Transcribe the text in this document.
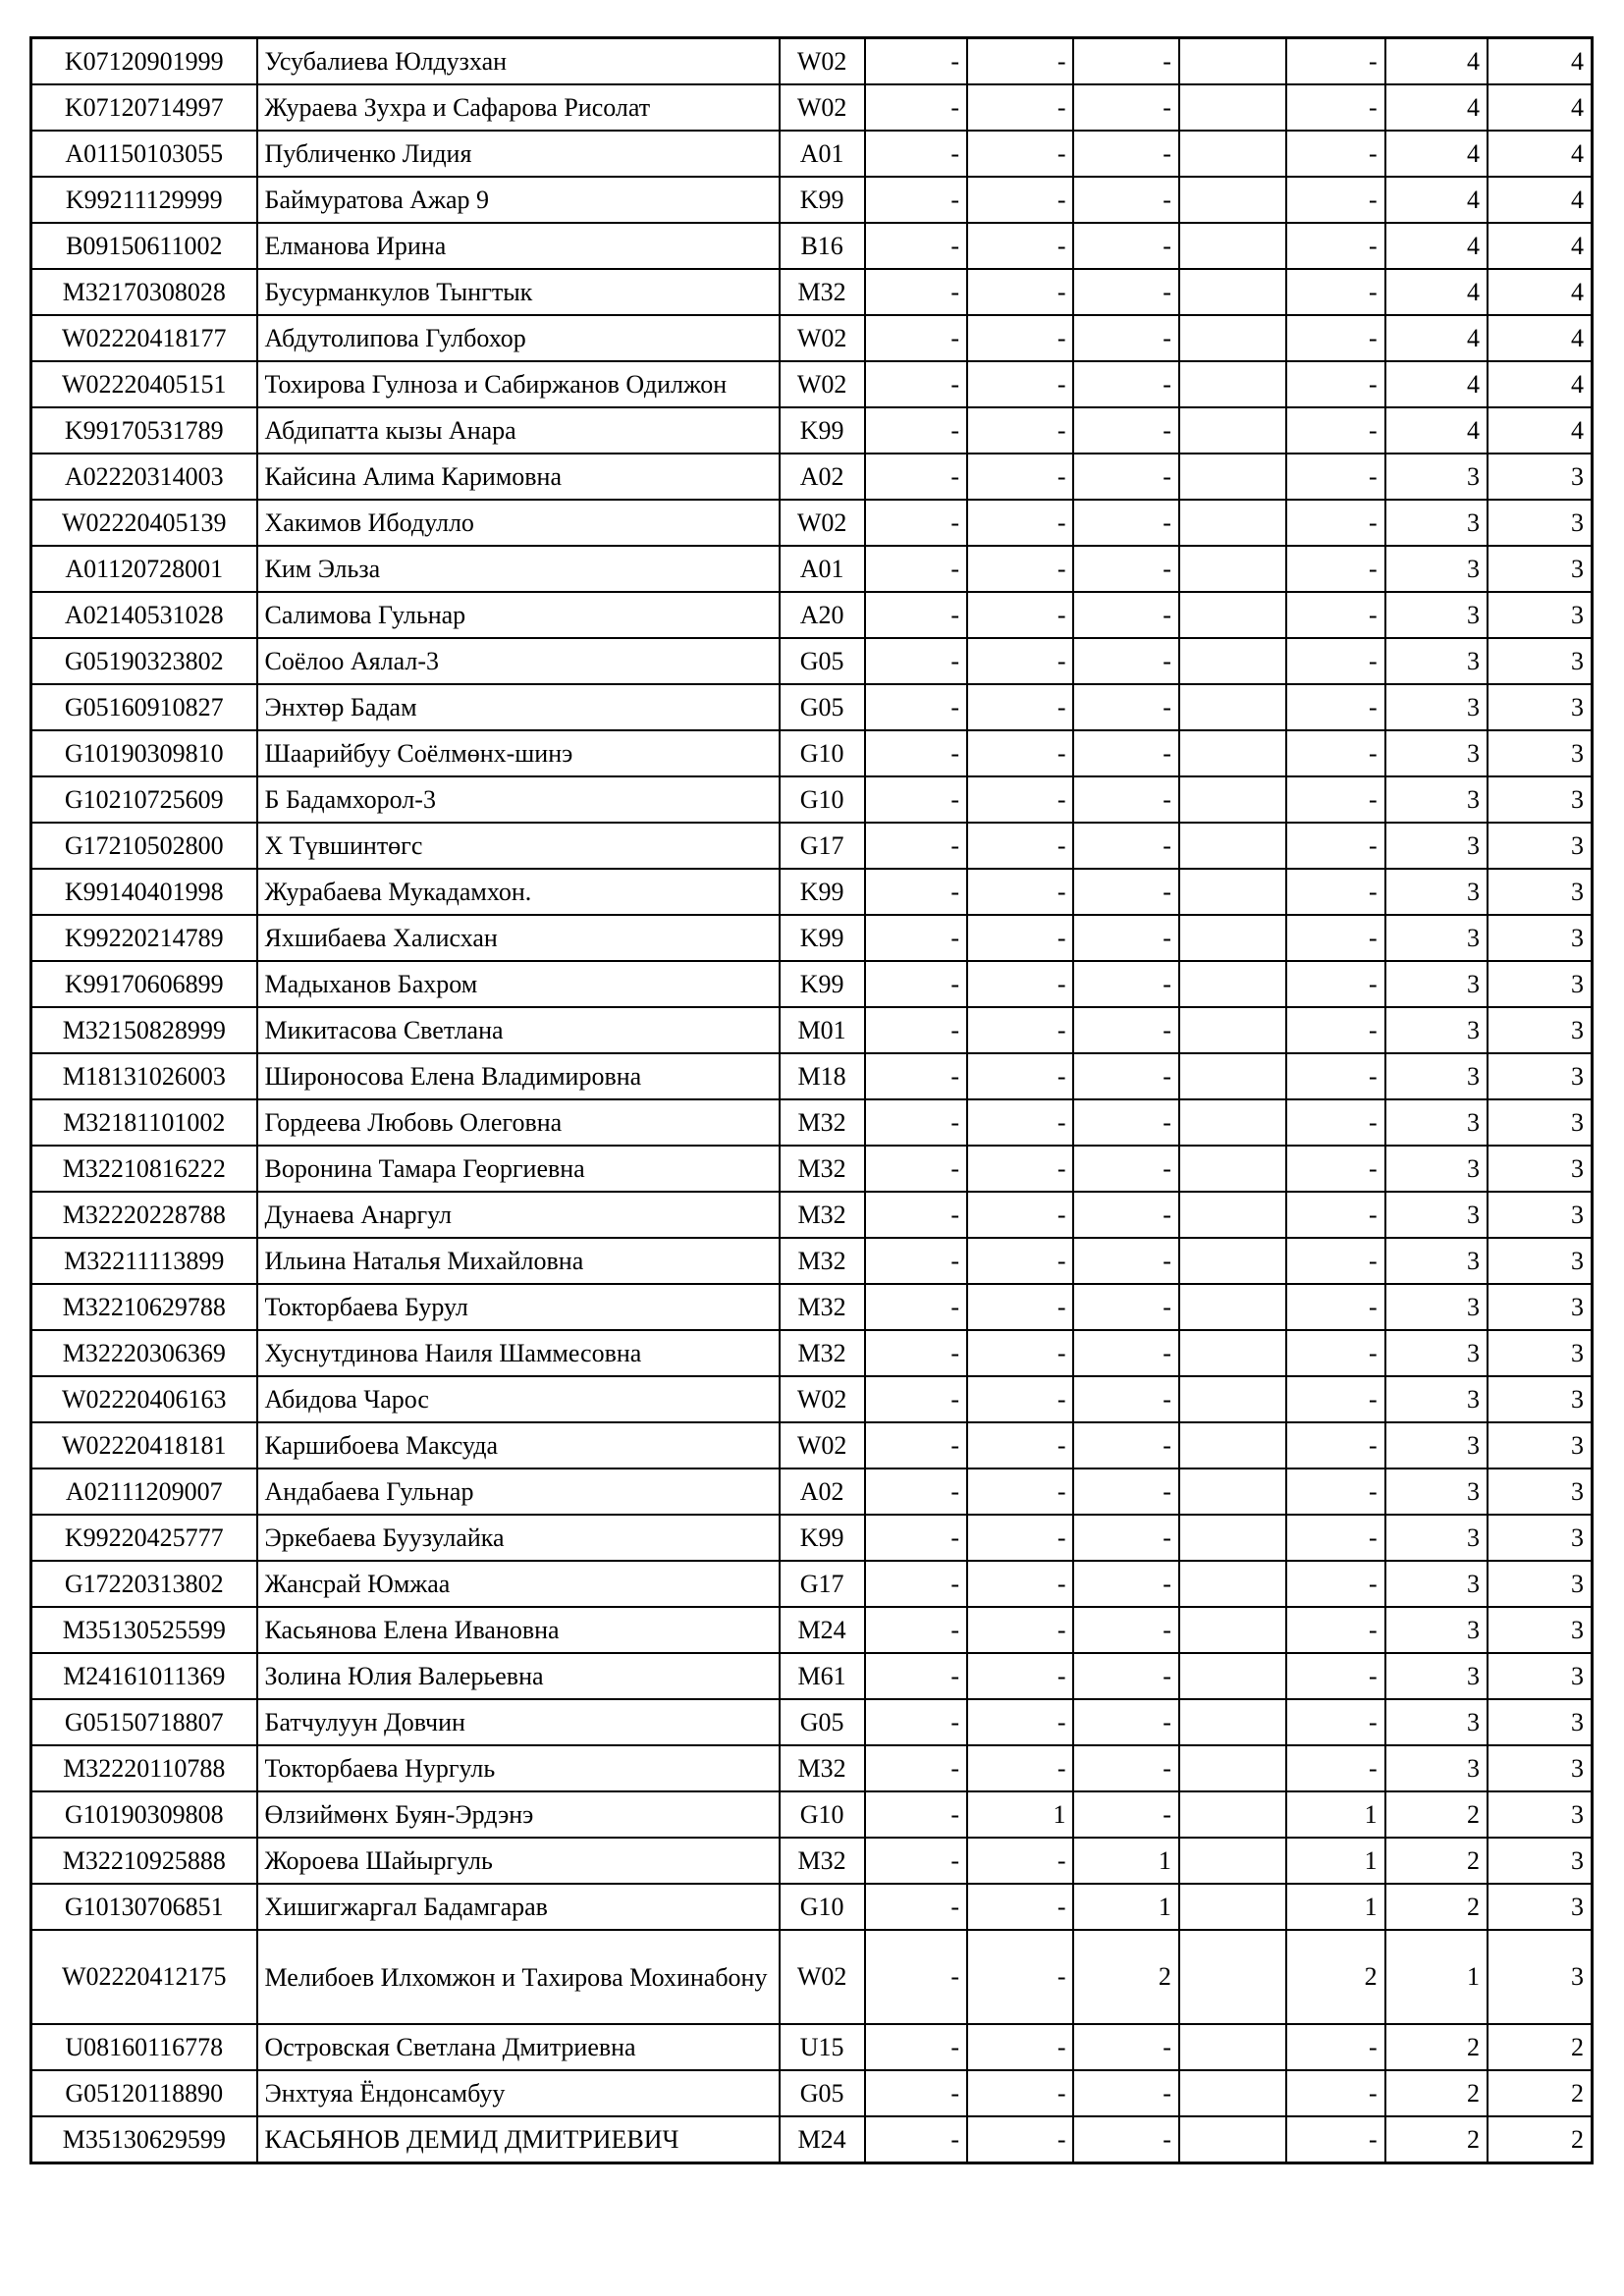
K07120901999	Усубалиева Юлдузхан	W02	-	-	-		-	4	4
K07120714997	Жураева Зухра и Сафарова Рисолат	W02	-	-	-		-	4	4
A01150103055	Публиченко Лидия	A01	-	-	-		-	4	4
K99211129999	Баймуратова Ажар 9	K99	-	-	-		-	4	4
B09150611002	Елманова Ирина	B16	-	-	-		-	4	4
M32170308028	Бусурманкулов Тынгтык	M32	-	-	-		-	4	4
W02220418177	Абдутолипова Гулбохор	W02	-	-	-		-	4	4
W02220405151	Тохирова Гулноза и Сабиржанов Одилжон	W02	-	-	-		-	4	4
K99170531789	Абдипатта кызы Анара	K99	-	-	-		-	4	4
A02220314003	Кайсина Алима Каримовна	A02	-	-	-		-	3	3
W02220405139	Хакимов Ибодулло	W02	-	-	-		-	3	3
A01120728001	Ким Эльза	A01	-	-	-		-	3	3
A02140531028	Салимова Гульнар	A20	-	-	-		-	3	3
G05190323802	Соёлоо Аялал-3	G05	-	-	-		-	3	3
G05160910827	Энхтөр Бадам	G05	-	-	-		-	3	3
G10190309810	Шаарийбуу Соёлмөнх-шинэ	G10	-	-	-		-	3	3
G10210725609	Б Бадамхорол-3	G10	-	-	-		-	3	3
G17210502800	Х Түвшинтөгс	G17	-	-	-		-	3	3
K99140401998	Журабаева Мукадамхон.	K99	-	-	-		-	3	3
K99220214789	Яхшибаева Халисхан	K99	-	-	-		-	3	3
K99170606899	Мадыханов Бахром	K99	-	-	-		-	3	3
M32150828999	Микитасова Светлана	M01	-	-	-		-	3	3
M18131026003	Широносова Елена Владимировна	M18	-	-	-		-	3	3
M32181101002	Гордеева Любовь Олеговна	M32	-	-	-		-	3	3
M32210816222	Воронина Тамара Георгиевна	M32	-	-	-		-	3	3
M32220228788	Дунаева Анаргул	M32	-	-	-		-	3	3
M32211113899	Ильина Наталья Михайловна	M32	-	-	-		-	3	3
M32210629788	Токторбаева Бурул	M32	-	-	-		-	3	3
M32220306369	Хуснутдинова Наиля Шаммесовна	M32	-	-	-		-	3	3
W02220406163	Абидова Чарос	W02	-	-	-		-	3	3
W02220418181	Каршибоева Максуда	W02	-	-	-		-	3	3
A02111209007	Андабаева Гульнар	A02	-	-	-		-	3	3
K99220425777	Эркебаева Буузулайка	K99	-	-	-		-	3	3
G17220313802	Жансрай Юмжаа	G17	-	-	-		-	3	3
M35130525599	Касьянова Елена Ивановна	M24	-	-	-		-	3	3
M24161011369	Золина Юлия Валерьевна	M61	-	-	-		-	3	3
G05150718807	Батчулуун Довчин	G05	-	-	-		-	3	3
M32220110788	Токторбаева Нургуль	M32	-	-	-		-	3	3
G10190309808	Өлзиймөнх Буян-Эрдэнэ	G10	-	1	-		1	2	3
M32210925888	Жороева Шайыргуль	M32	-	-	1		1	2	3
G10130706851	Хишигжаргал Бадамгарав	G10	-	-	1		1	2	3
W02220412175	Мелибоев Илхомжон и Тахирова Мохинабону	W02	-	-	2		2	1	3
U08160116778	Островская Светлана Дмитриевна	U15	-	-	-		-	2	2
G05120118890	Энхтуяа Ёндонсамбуу	G05	-	-	-		-	2	2
M35130629599	КАСЬЯНОВ ДЕМИД ДМИТРИЕВИЧ	M24	-	-	-		-	2	2
